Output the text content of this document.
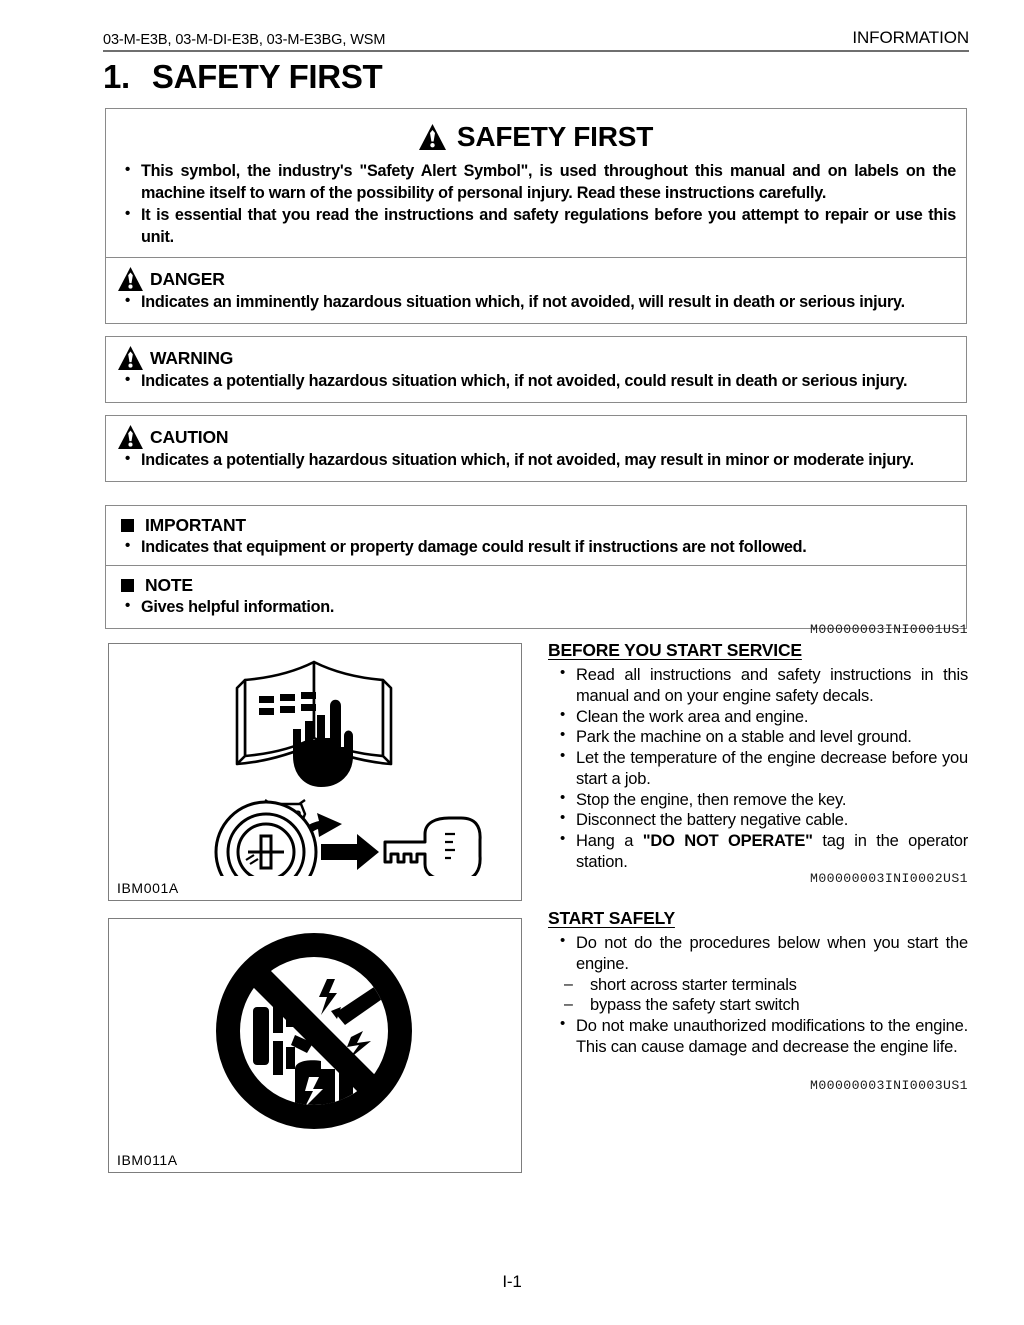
03-M-E3B, 03-M-DI-E3B, 03-M-E3BG, WSM	INFORMATION
1. SAFETY FIRST
SAFETY FIRST
• This symbol, the industry's "Safety Alert Symbol", is used throughout this manual and on labels on the machine itself to warn of the possibility of personal injury. Read these instructions carefully.
• It is essential that you read the instructions and safety regulations before you attempt to repair or use this unit.
DANGER
• Indicates an imminently hazardous situation which, if not avoided, will result in death or serious injury.
WARNING
• Indicates a potentially hazardous situation which, if not avoided, could result in death or serious injury.
CAUTION
• Indicates a potentially hazardous situation which, if not avoided, may result in minor or moderate injury.
IMPORTANT
• Indicates that equipment or property damage could result if instructions are not followed.
NOTE
• Gives helpful information.
M00000003INI0001US1
IBM001A
M00000003INI0002US1
IBM011A
BEFORE YOU START SERVICE
• Read all instructions and safety instructions in this manual and on your engine safety decals.
• Clean the work area and engine.
• Park the machine on a stable and level ground.
• Let the temperature of the engine decrease before you start a job.
• Stop the engine, then remove the key.
• Disconnect the battery negative cable.
• Hang a "DO NOT OPERATE" tag in the operator station.
START SAFELY
• Do not do the procedures below when you start the engine.
– short across starter terminals
– bypass the safety start switch
• Do not make unauthorized modifications to the engine. This can cause damage and decrease the engine life.
M00000003INI0003US1
I-1
